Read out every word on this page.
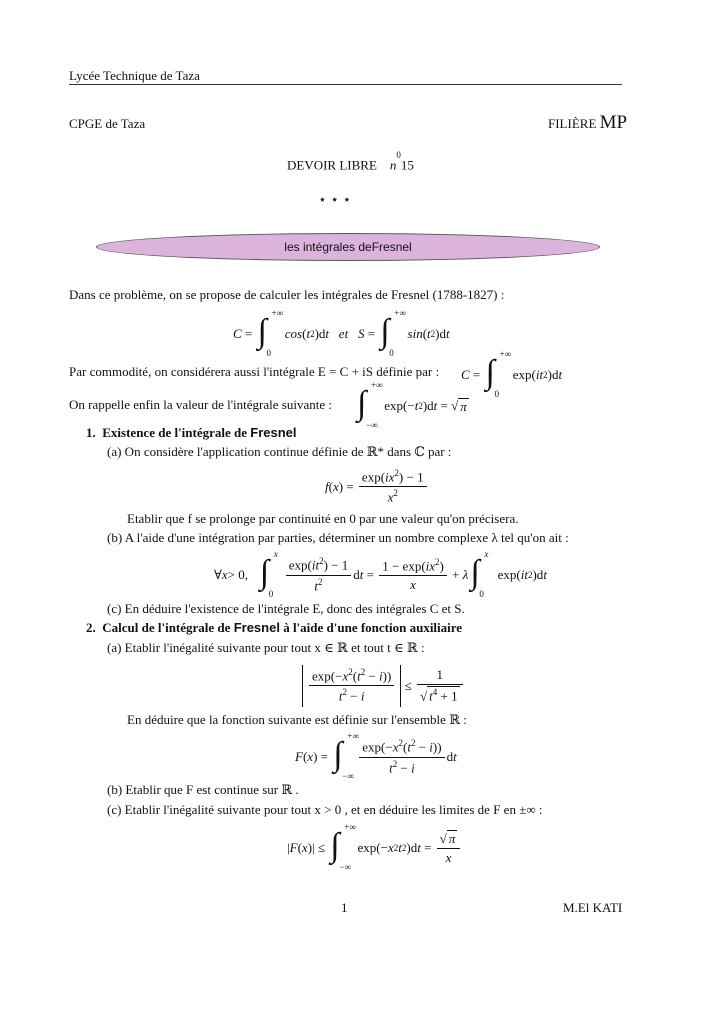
Lycée Technique de Taza
CPGE de Taza	FILIÈRE MP
DEVOIR LIBRE $n^015$
⋆ ⋆ ⋆
les intégrales de Fresnel
Dans ce problème, on se propose de calculer les intégrales de Fresnel (1788-1827) :
C = ∫ +∞
0

cos ( t 2 )d t
et
S = ∫ +∞
0

sin ( t 2 )d t
Par commodité, on considérera aussi l'intégrale E = C + iS définie par : C = ∫ +∞
0
exp( it 2 )d t
On rappelle enfin la valeur de l'intégrale suivante : ∫ +∞
−∞
exp(− t 2 )d t = √ π
1. Existence de l'intégrale de Fresnel
(a) On considère l'application continue définie de ℝ* dans ℂ par :
f ( x ) = $\frac{\exp(ix^2) - 1}{x^2}$
Etablir que f se prolonge par continuité en 0 par une valeur qu'on précisera.
(b) A l'aide d'une intégration par parties, déterminer un nombre complexe λ tel qu'on ait :
∀ x > 0, ∫ x
0
$\frac{\exp(it^2) - 1}{t^2}$ d $t = \frac{1 - \exp(ix^2)}{x} + \lambda$ ∫ x
0
exp( it 2 )d t
(c) En déduire l'existence de l'intégrale E, donc des intégrales C et S.
2. Calcul de l'intégrale de Fresnel à l'aide d'une fonction auxiliaire
(a) Etablir l'inégalité suivante pour tout x ∈ ℝ et tout t ∈ ℝ :
$\frac{\exp(-x^2(t^2 - i))}{t^2 - i} \le \frac{1}{√ t^4 + 1}$
En déduire que la fonction suivante est définie sur l'ensemble ℝ :
F ( x ) = ∫ +∞
−∞
$\frac{\exp(-x^2(t^2 - i))}{t^2 - i}$ d t
(b) Etablir que F est continue sur ℝ .
(c) Etablir l'inégalité suivante pour tout x > 0 , et en déduire les limites de F en ±∞ :
| F ( x )| ≤ ∫ +∞
−∞
exp(− x 2 t 2 )d $t = \frac{√ \pi}{x}$
1	M.El KATI
